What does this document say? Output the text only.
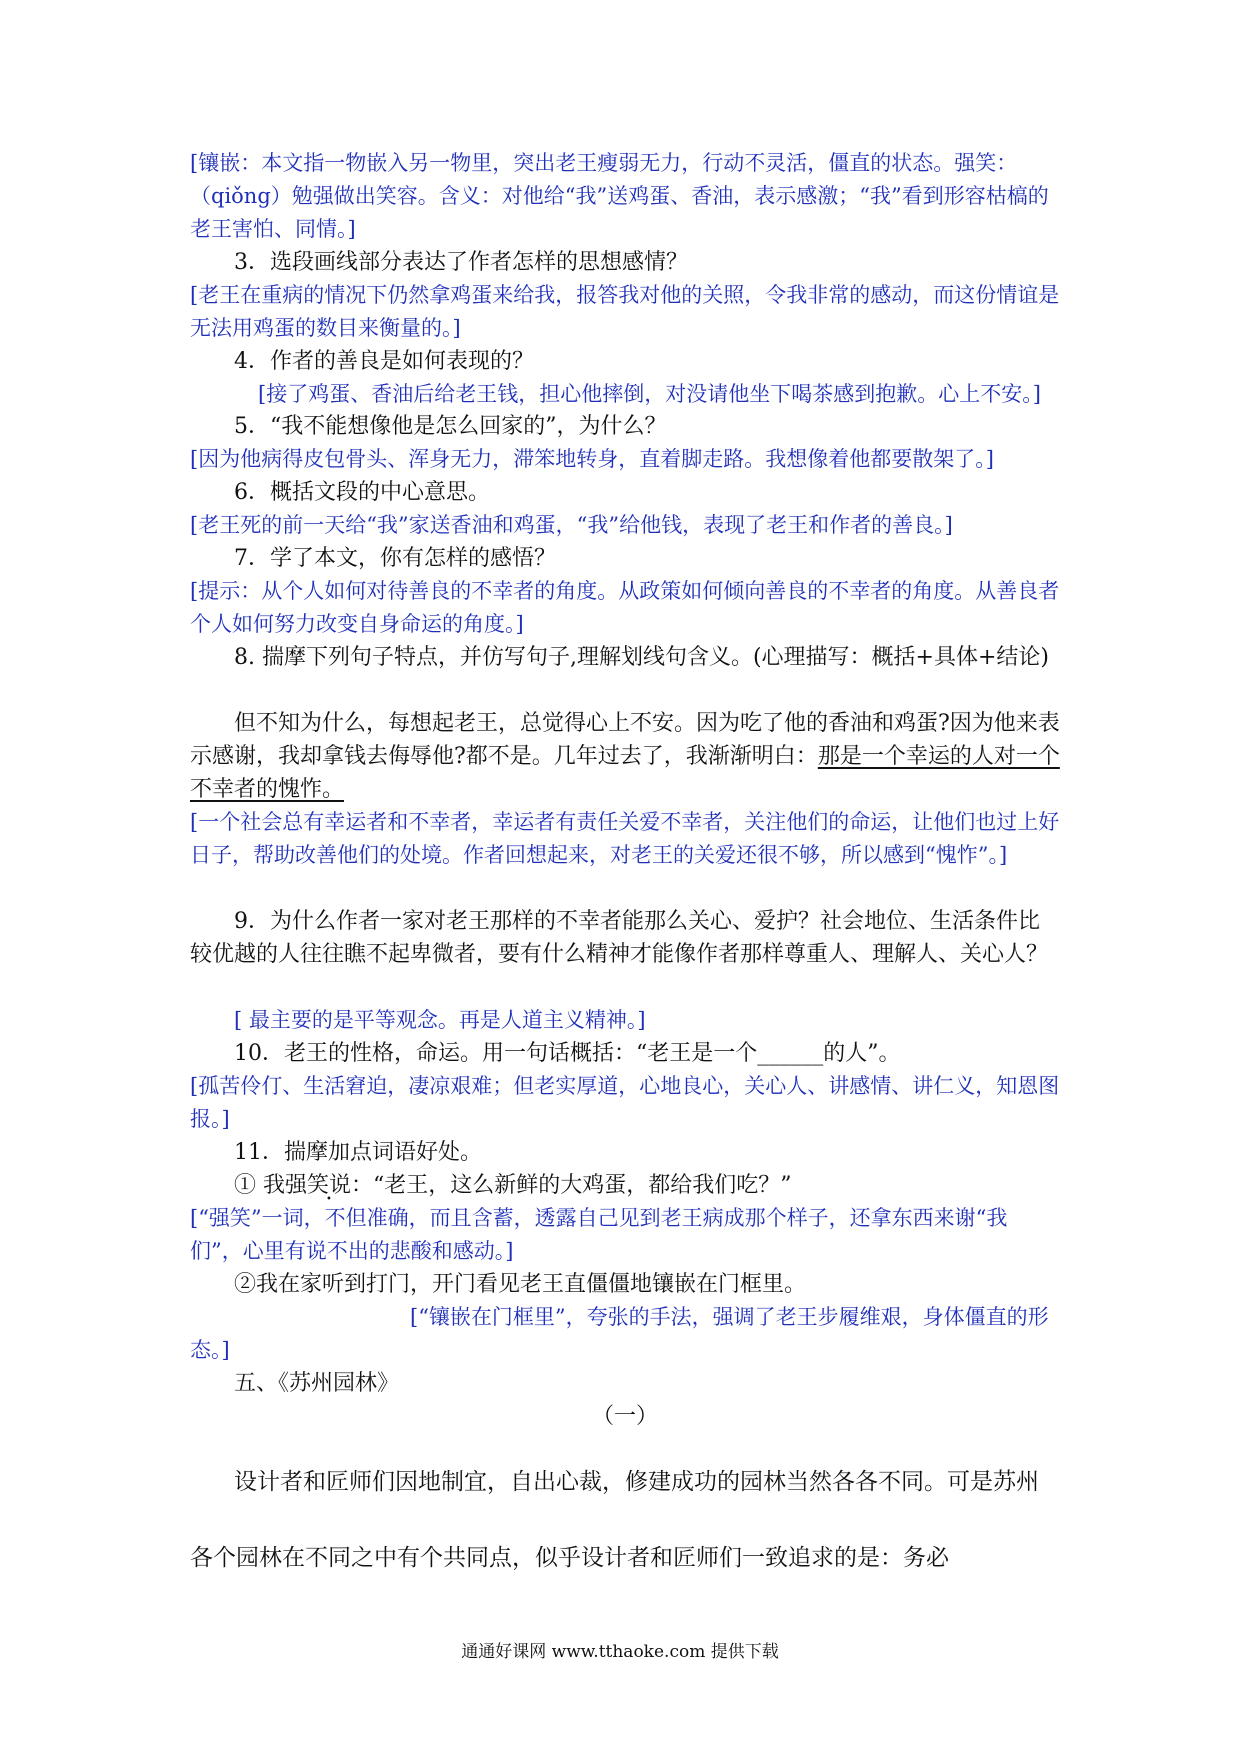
[镶嵌：本文指一物嵌入另一物里，突出老王瘦弱无力，行动不灵活，僵直的状态。强笑：（qiǒng）勉强做出笑容。含义：对他给“我”送鸡蛋、香油，表示感激；“我”看到形容枯槁的老王害怕、同情。]
3．选段画线部分表达了作者怎样的思想感情？
[老王在重病的情况下仍然拿鸡蛋来给我，报答我对他的关照，令我非常的感动，而这份情谊是无法用鸡蛋的数目来衡量的。]
4．作者的善良是如何表现的？
[接了鸡蛋、香油后给老王钱，担心他摔倒，对没请他坐下喝茶感到抱歉。心上不安。]
5．“我不能想像他是怎么回家的”，为什么？
[因为他病得皮包骨头、浑身无力，滞笨地转身，直着脚走路。我想像着他都要散架了。]
6．概括文段的中心意思。
[老王死的前一天给“我”家送香油和鸡蛋，“我”给他钱，表现了老王和作者的善良。]
7．学了本文，你有怎样的感悟？
[提示：从个人如何对待善良的不幸者的角度。从政策如何倾向善良的不幸者的角度。从善良者个人如何努力改变自身命运的角度。]
8. 揣摩下列句子特点，并仿写句子,理解划线句含义。(心理描写：概括+具体+结论)
但不知为什么，每想起老王，总觉得心上不安。因为吃了他的香油和鸡蛋?因为他来表示感谢，我却拿钱去侮辱他?都不是。几年过去了，我渐渐明白：那是一个幸运的人对一个不幸者的愧怍。
[一个社会总有幸运者和不幸者，幸运者有责任关爱不幸者，关注他们的命运，让他们也过上好日子，帮助改善他们的处境。作者回想起来，对老王的关爱还很不够，所以感到“愧怍”。]
9．为什么作者一家对老王那样的不幸者能那么关心、爱护？社会地位、生活条件比较优越的人往往瞧不起卑微者，要有什么精神才能像作者那样尊重人、理解人、关心人？
[ 最主要的是平等观念。再是人道主义精神。]
10．老王的性格，命运。用一句话概括：“老王是一个______的人”。
[孤苦伶仃、生活窘迫，凄凉艰难；但老实厚道，心地良心，关心人、讲感情、讲仁义，知恩图报。]
11．揣摩加点词语好处。
① 我强笑说：“老王，这么新鲜的大鸡蛋，都给我们吃？”
[“强笑”一词，不但准确，而且含蓄，透露自己见到老王病成那个样子，还拿东西来谢“我们”，心里有说不出的悲酸和感动。]
②我在家听到打门，开门看见老王直僵僵地镶嵌在门框里。
[“镶嵌在门框里”，夸张的手法，强调了老王步履维艰，身体僵直的形态。]
五、《苏州园林》
（一）
设计者和匠师们因地制宜，自出心裁，修建成功的园林当然各各不同。可是苏州各个园林在不同之中有个共同点，似乎设计者和匠师们一致追求的是：务必
通通好课网 www.tthaoke.com 提供下载
